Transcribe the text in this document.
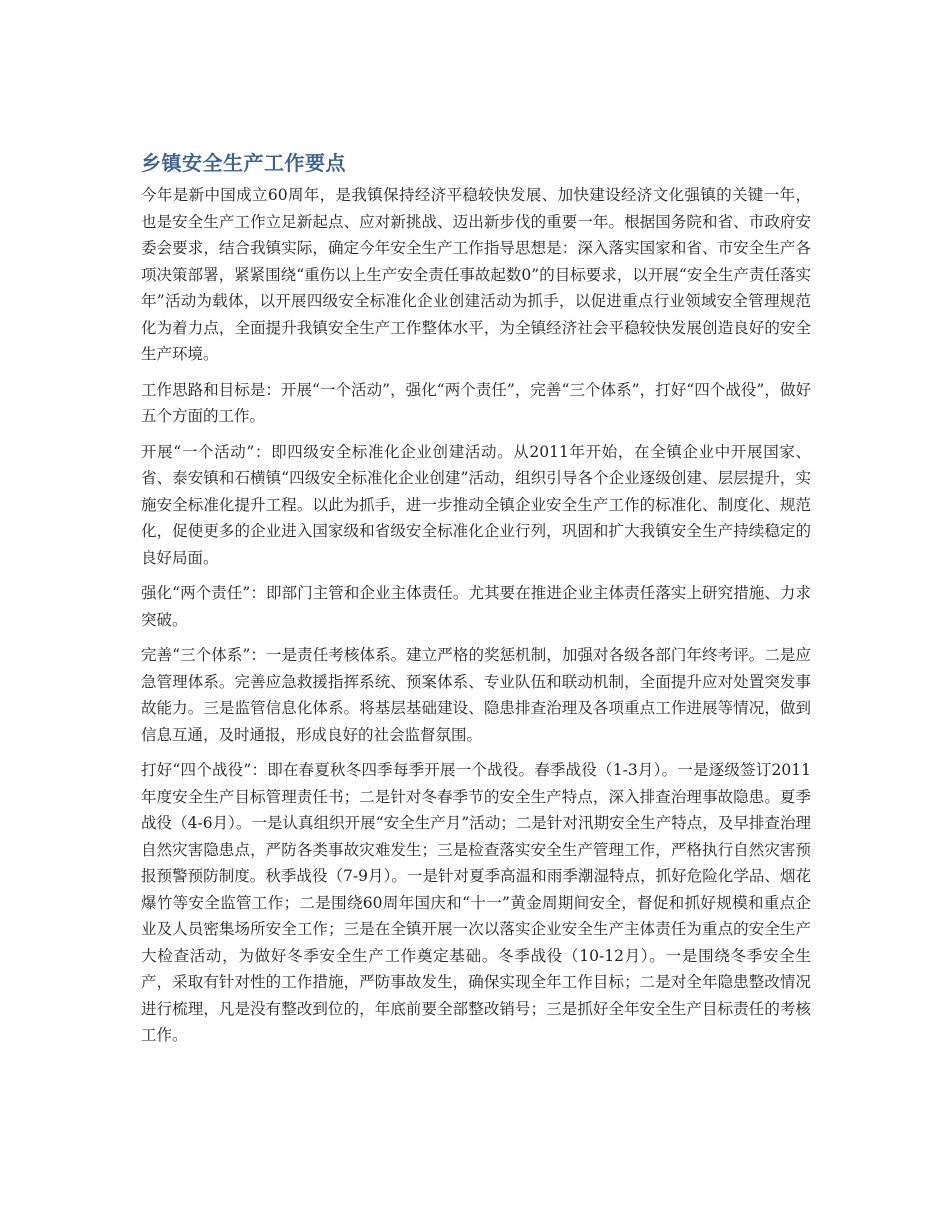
乡镇安全生产工作要点

今年是新中国成立60周年，是我镇保持经济平稳较快发展、加快建设经济文化强镇的关键一年，也是安全生产工作立足新起点、应对新挑战、迈出新步伐的重要一年。根据国务院和省、市政府安委会要求，结合我镇实际，确定今年安全生产工作指导思想是：深入落实国家和省、市安全生产各项决策部署，紧紧围绕“重伤以上生产安全责任事故起数0”的目标要求，以开展“安全生产责任落实年”活动为载体，以开展四级安全标准化企业创建活动为抓手，以促进重点行业领域安全管理规范化为着力点，全面提升我镇安全生产工作整体水平，为全镇经济社会平稳较快发展创造良好的安全生产环境。

工作思路和目标是：开展“一个活动”，强化“两个责任”，完善“三个体系”，打好“四个战役”，做好五个方面的工作。

开展“一个活动”：即四级安全标准化企业创建活动。从2011年开始，在全镇企业中开展国家、省、泰安镇和石横镇“四级安全标准化企业创建”活动，组织引导各个企业逐级创建、层层提升，实施安全标准化提升工程。以此为抓手，进一步推动全镇企业安全生产工作的标准化、制度化、规范化，促使更多的企业进入国家级和省级安全标准化企业行列，巩固和扩大我镇安全生产持续稳定的良好局面。

强化“两个责任”：即部门主管和企业主体责任。尤其要在推进企业主体责任落实上研究措施、力求突破。

完善“三个体系”：一是责任考核体系。建立严格的奖惩机制，加强对各级各部门年终考评。二是应急管理体系。完善应急救援指挥系统、预案体系、专业队伍和联动机制，全面提升应对处置突发事故能力。三是监管信息化体系。将基层基础建设、隐患排查治理及各项重点工作进展等情况，做到信息互通，及时通报，形成良好的社会监督氛围。

打好“四个战役”：即在春夏秋冬四季每季开展一个战役。春季战役（1-3月）。一是逐级签订2011年度安全生产目标管理责任书；二是针对冬春季节的安全生产特点，深入排查治理事故隐患。夏季战役（4-6月）。一是认真组织开展“安全生产月”活动；二是针对汛期安全生产特点，及早排查治理自然灾害隐患点，严防各类事故灾难发生；三是检查落实安全生产管理工作，严格执行自然灾害预报预警预防制度。秋季战役（7-9月）。一是针对夏季高温和雨季潮湿特点，抓好危险化学品、烟花爆竹等安全监管工作；二是围绕60周年国庆和“十一”黄金周期间安全，督促和抓好规模和重点企业及人员密集场所安全工作；三是在全镇开展一次以落实企业安全生产主体责任为重点的安全生产大检查活动，为做好冬季安全生产工作奠定基础。冬季战役（10-12月）。一是围绕冬季安全生产，采取有针对性的工作措施，严防事故发生，确保实现全年工作目标；二是对全年隐患整改情况进行梳理，凡是没有整改到位的，年底前要全部整改销号；三是抓好全年安全生产目标责任的考核工作。
